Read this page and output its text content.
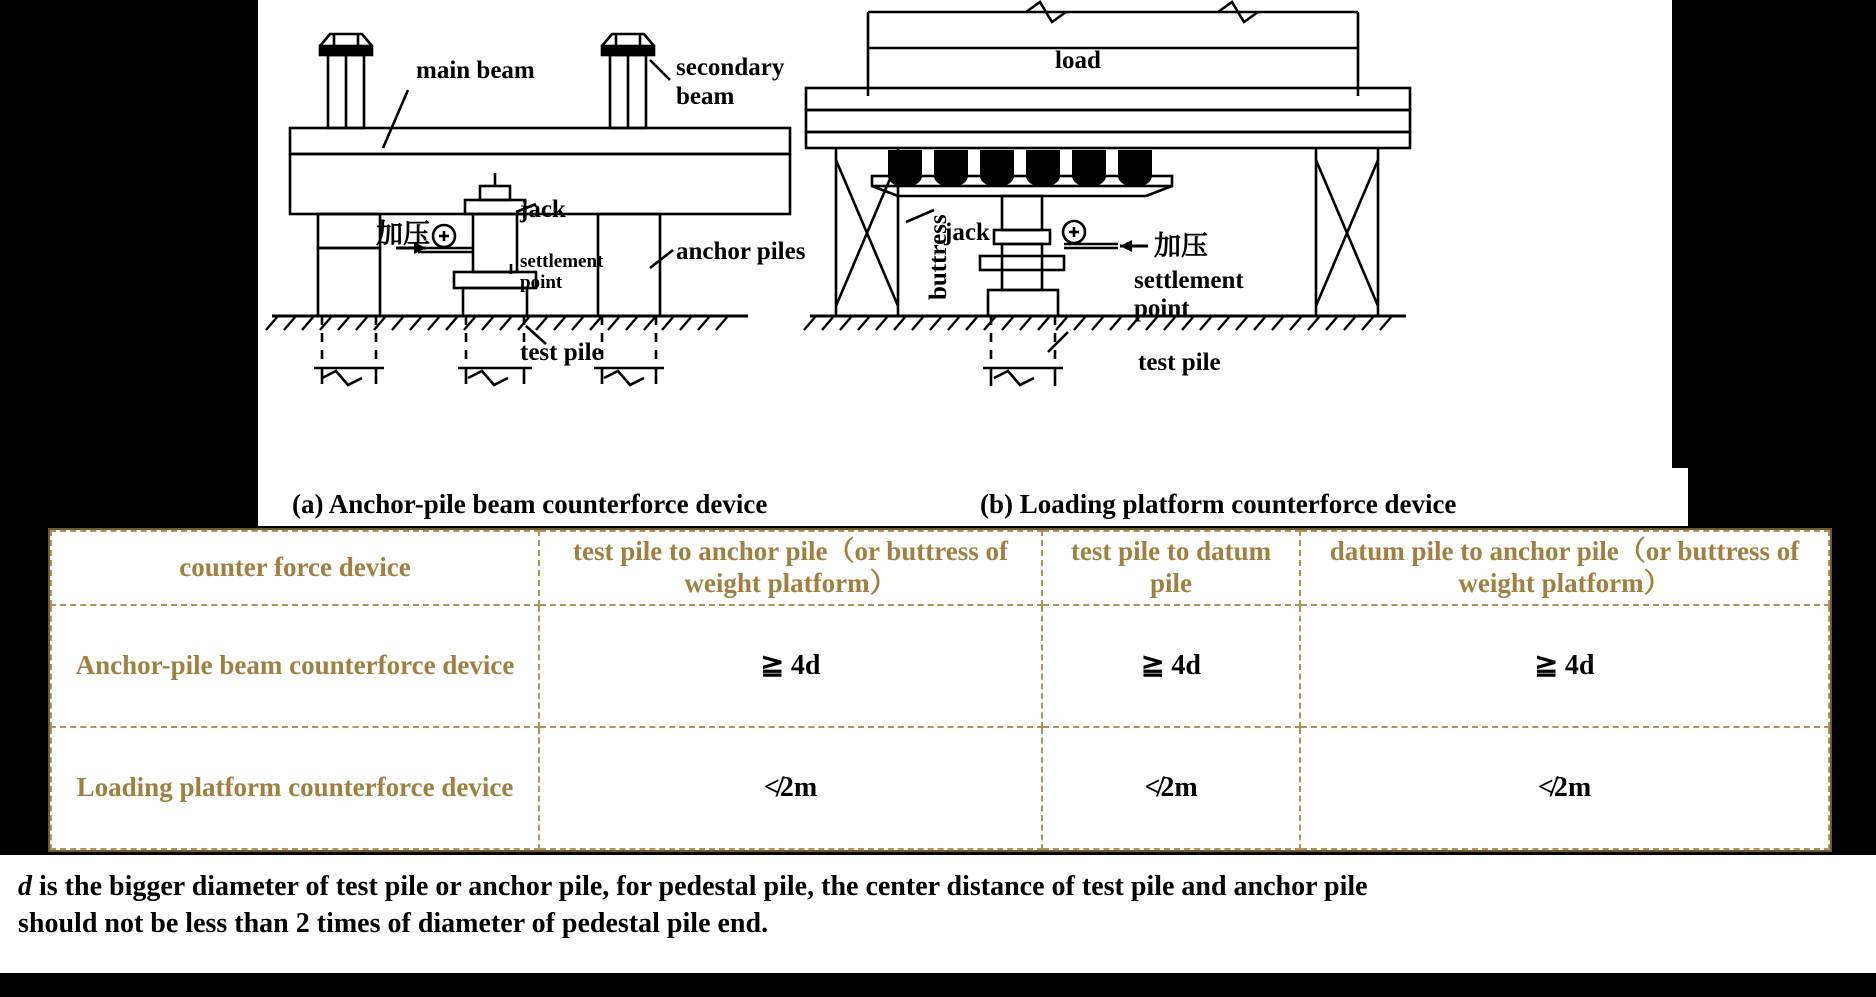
main beam	secondary
beam
jack
加压
settlement
point
anchor piles
test pile
load
jack	加压
settlement
point
test pile
buttress
(a) Anchor-pile beam counterforce device	(b) Loading platform counterforce device
counter force device	test pile to anchor pile（or buttress of weight platform）	test pile to datum pile	datum pile to anchor pile（or buttress of weight platform）
Anchor-pile beam counterforce device	≧ 4d	≧ 4d	≧ 4d
Loading platform counterforce device	≮2m	≮2m	≮2m
d is the bigger diameter of test pile or anchor pile, for pedestal pile, the center distance of test pile and anchor pile
should not be less than 2 times of diameter of pedestal pile end.
